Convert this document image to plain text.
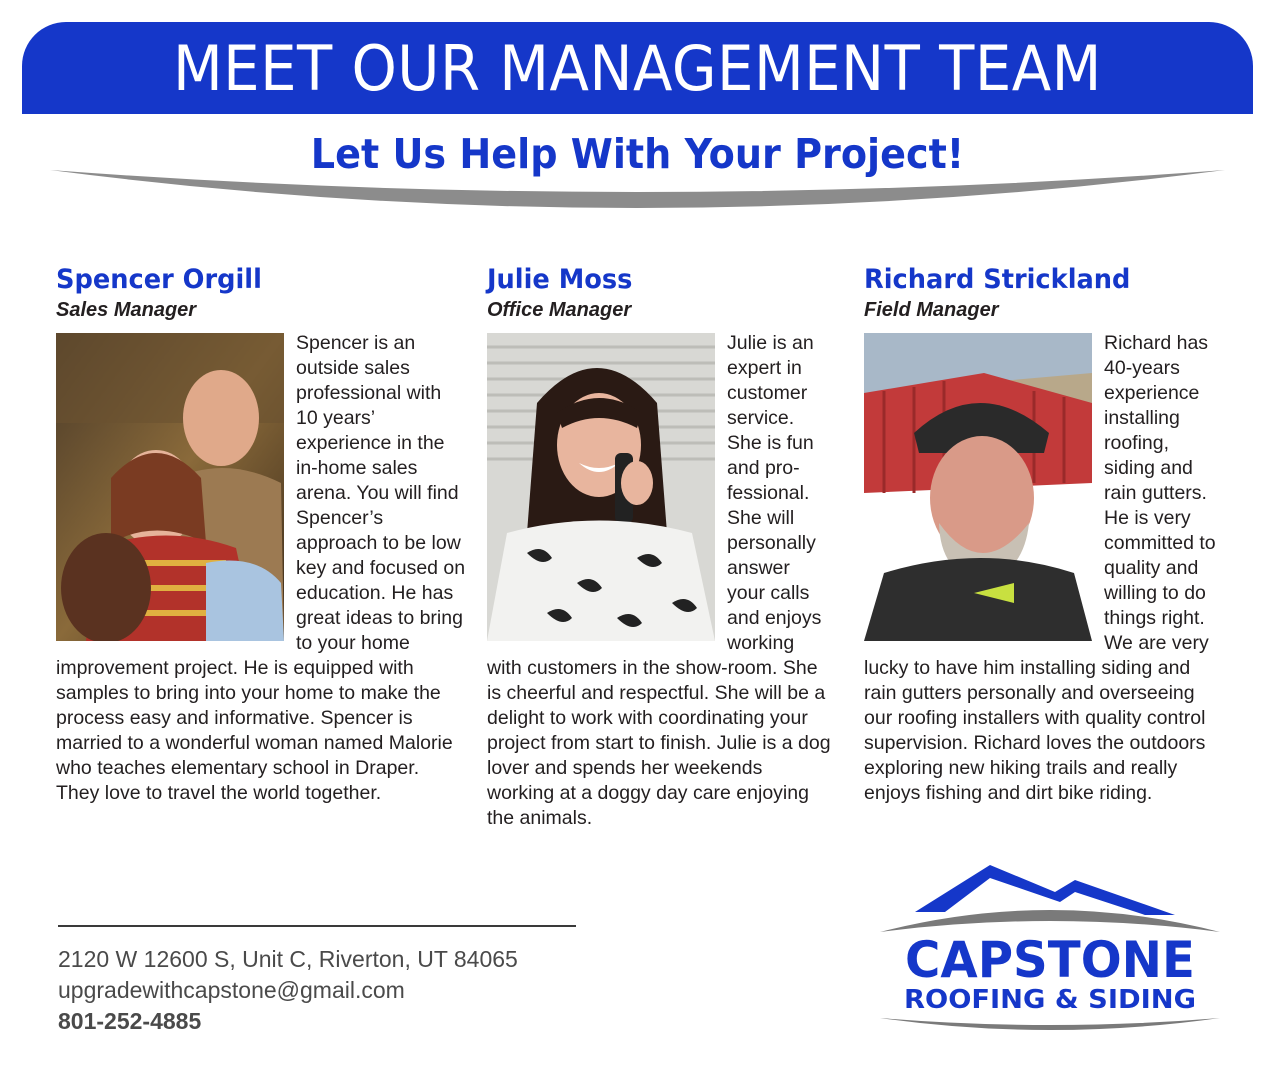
MEET OUR MANAGEMENT TEAM
Let Us Help With Your Project!
Spencer Orgill
Sales Manager
Spencer is an outside sales professional with 10 years’ experience in the in-home sales arena. You will find Spencer’s approach to be low key and focused on education. He has great ideas to bring to your home improvement project. He is equipped with samples to bring into your home to make the process easy and informative. Spencer is married to a wonderful woman named Malorie who teaches elementary school in Draper. They love to travel the world together.
Julie Moss
Office Manager
Julie is an expert in customer service. She is fun and pro-fessional. She will personally answer your calls and enjoys working with customers in the show-room. She is cheerful and respectful. She will be a delight to work with coordinating your project from start to finish. Julie is a dog lover and spends her weekends working at a doggy day care enjoying the animals.
Richard Strickland
Field Manager
Richard has 40-years experience installing roofing, siding and rain gutters. He is very committed to quality and willing to do things right. We are very lucky to have him installing siding and rain gutters personally and overseeing our roofing installers with quality control supervision. Richard loves the outdoors exploring new hiking trails and really enjoys fishing and dirt bike riding.
2120 W 12600 S, Unit C, Riverton, UT 84065
upgradewithcapstone@gmail.com
801-252-4885
CAPSTONE
ROOFING & SIDING
